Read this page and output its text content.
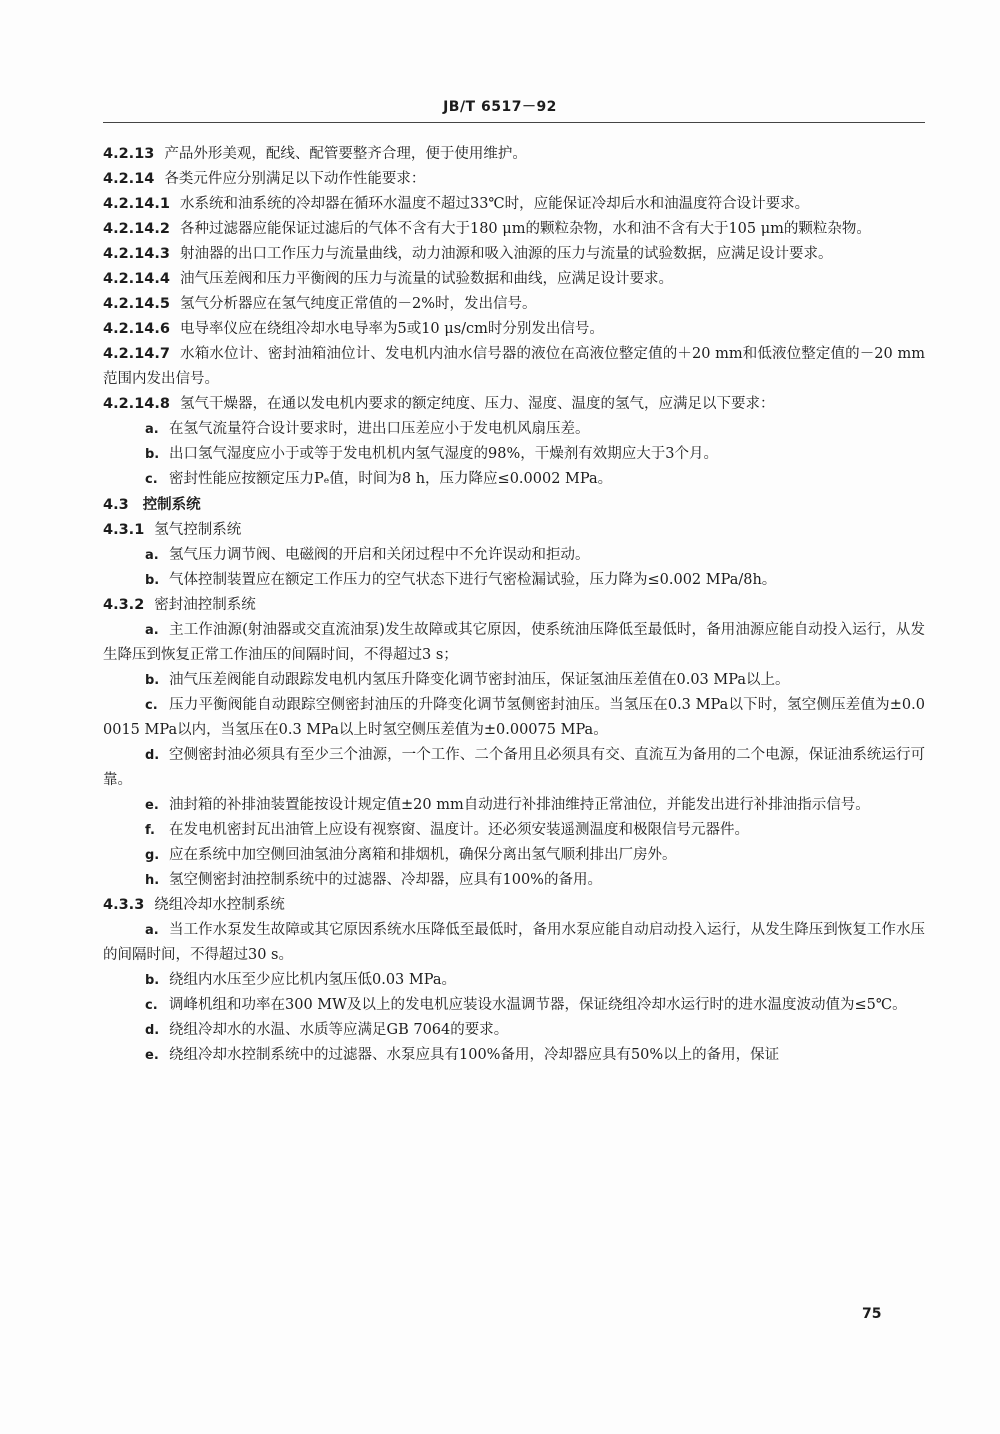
JB/T 6517－92

4.2.13 产品外形美观，配线、配管要整齐合理，便于使用维护。

4.2.14 各类元件应分别满足以下动作性能要求：

4.2.14.1 水系统和油系统的冷却器在循环水温度不超过33℃时，应能保证冷却后水和油温度符合设计要求。

4.2.14.2 各种过滤器应能保证过滤后的气体不含有大于180 μm的颗粒杂物，水和油不含有大于105 μm的颗粒杂物。

4.2.14.3 射油器的出口工作压力与流量曲线，动力油源和吸入油源的压力与流量的试验数据，应满足设计要求。

4.2.14.4 油气压差阀和压力平衡阀的压力与流量的试验数据和曲线，应满足设计要求。

4.2.14.5 氢气分析器应在氢气纯度正常值的－2%时，发出信号。

4.2.14.6 电导率仪应在绕组冷却水电导率为5或10 μs/cm时分别发出信号。

4.2.14.7 水箱水位计、密封油箱油位计、发电机内油水信号器的液位在高液位整定值的＋20 mm和低液位整定值的－20 mm范围内发出信号。

4.2.14.8 氢气干燥器，在通以发电机内要求的额定纯度、压力、湿度、温度的氢气，应满足以下要求：

a. 在氢气流量符合设计要求时，进出口压差应小于发电机风扇压差。

b. 出口氢气湿度应小于或等于发电机机内氢气湿度的98%，干燥剂有效期应大于3个月。

c. 密封性能应按额定压力Pₑ值，时间为8 h，压力降应≤0.0002 MPa。

4.3 控制系统

4.3.1 氢气控制系统

a. 氢气压力调节阀、电磁阀的开启和关闭过程中不允许误动和拒动。

b. 气体控制装置应在额定工作压力的空气状态下进行气密检漏试验，压力降为≤0.002 MPa/8h。

4.3.2 密封油控制系统

a. 主工作油源(射油器或交直流油泵)发生故障或其它原因，使系统油压降低至最低时，备用油源应能自动投入运行，从发生降压到恢复正常工作油压的间隔时间，不得超过3 s；

b. 油气压差阀能自动跟踪发电机内氢压升降变化调节密封油压，保证氢油压差值在0.03 MPa以上。

c. 压力平衡阀能自动跟踪空侧密封油压的升降变化调节氢侧密封油压。当氢压在0.3 MPa以下时，氢空侧压差值为±0.00015 MPa以内，当氢压在0.3 MPa以上时氢空侧压差值为±0.00075 MPa。

d. 空侧密封油必须具有至少三个油源，一个工作、二个备用且必须具有交、直流互为备用的二个电源，保证油系统运行可靠。

e. 油封箱的补排油装置能按设计规定值±20 mm自动进行补排油维持正常油位，并能发出进行补排油指示信号。

f. 在发电机密封瓦出油管上应设有视察窗、温度计。还必须安装遥测温度和极限信号元器件。

g. 应在系统中加空侧回油氢油分离箱和排烟机，确保分离出氢气顺利排出厂房外。

h. 氢空侧密封油控制系统中的过滤器、冷却器，应具有100%的备用。

4.3.3 绕组冷却水控制系统

a. 当工作水泵发生故障或其它原因系统水压降低至最低时，备用水泵应能自动启动投入运行，从发生降压到恢复工作水压的间隔时间，不得超过30 s。

b. 绕组内水压至少应比机内氢压低0.03 MPa。

c. 调峰机组和功率在300 MW及以上的发电机应装设水温调节器，保证绕组冷却水运行时的进水温度波动值为≤5℃。

d. 绕组冷却水的水温、水质等应满足GB 7064的要求。

e. 绕组冷却水控制系统中的过滤器、水泵应具有100%备用，冷却器应具有50%以上的备用，保证

75
